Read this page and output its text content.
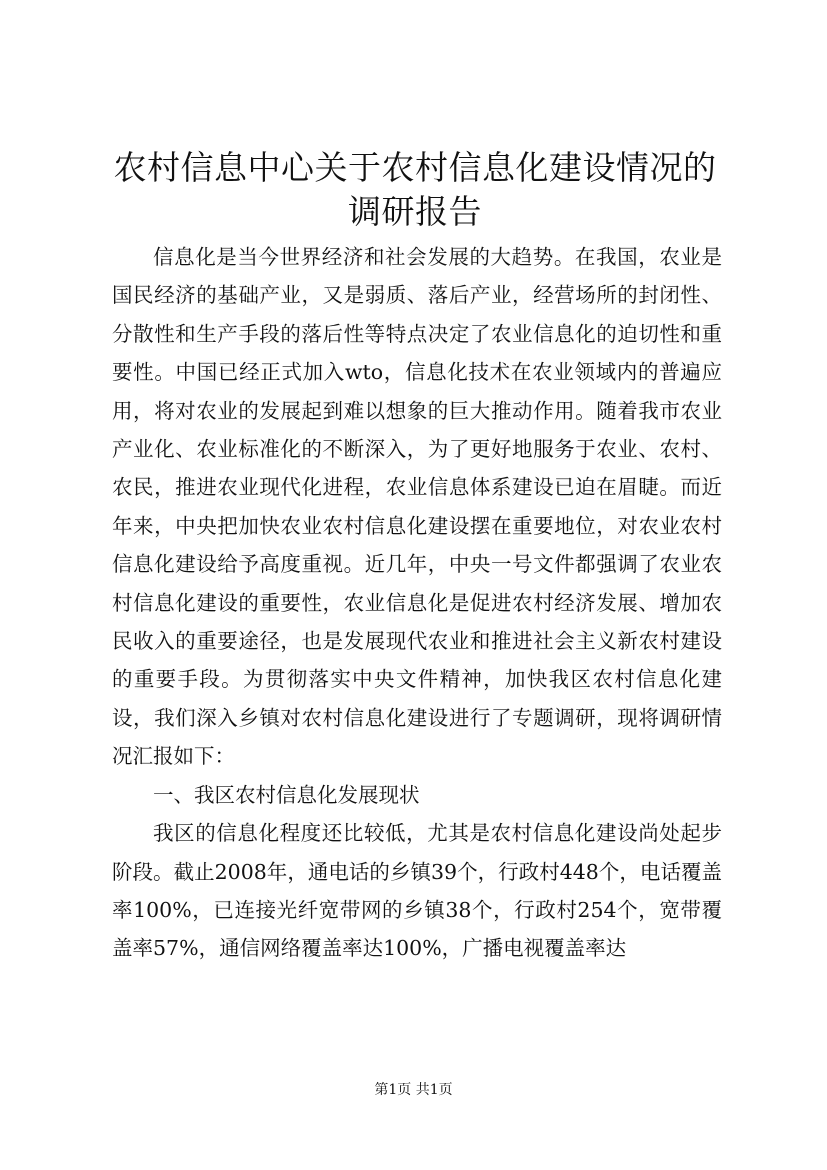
农村信息中心关于农村信息化建设情况的调研报告

信息化是当今世界经济和社会发展的大趋势。在我国，农业是国民经济的基础产业，又是弱质、落后产业，经营场所的封闭性、分散性和生产手段的落后性等特点决定了农业信息化的迫切性和重要性。中国已经正式加入wto，信息化技术在农业领域内的普遍应用，将对农业的发展起到难以想象的巨大推动作用。随着我市农业产业化、农业标准化的不断深入，为了更好地服务于农业、农村、农民，推进农业现代化进程，农业信息体系建设已迫在眉睫。而近年来，中央把加快农业农村信息化建设摆在重要地位，对农业农村信息化建设给予高度重视。近几年，中央一号文件都强调了农业农村信息化建设的重要性，农业信息化是促进农村经济发展、增加农民收入的重要途径，也是发展现代农业和推进社会主义新农村建设的重要手段。为贯彻落实中央文件精神，加快我区农村信息化建设，我们深入乡镇对农村信息化建设进行了专题调研，现将调研情况汇报如下：

一、我区农村信息化发展现状

我区的信息化程度还比较低，尤其是农村信息化建设尚处起步阶段。截止2008年，通电话的乡镇39个，行政村448个，电话覆盖率100%，已连接光纤宽带网的乡镇38个，行政村254个，宽带覆盖率57%，通信网络覆盖率达100%，广播电视覆盖率达

第1页 共1页
